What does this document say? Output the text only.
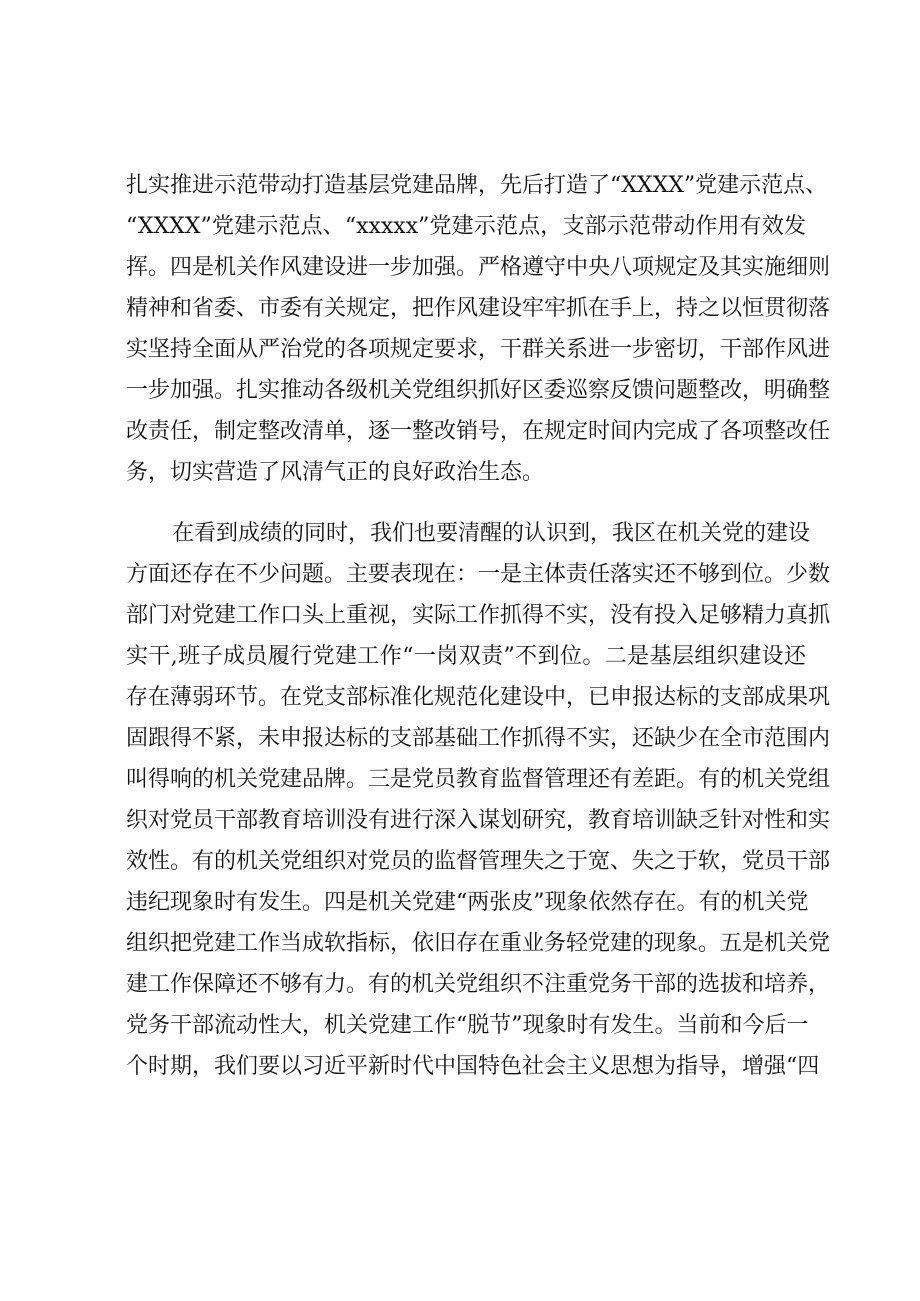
扎实推进示范带动打造基层党建品牌，先后打造了“XXXX”党建示范点、
“XXXX”党建示范点、“xxxxx”党建示范点，支部示范带动作用有效发
挥。四是机关作风建设进一步加强。严格遵守中央八项规定及其实施细则
精神和省委、市委有关规定，把作风建设牢牢抓在手上，持之以恒贯彻落
实坚持全面从严治党的各项规定要求，干群关系进一步密切，干部作风进
一步加强。扎实推动各级机关党组织抓好区委巡察反馈问题整改，明确整
改责任，制定整改清单，逐一整改销号，在规定时间内完成了各项整改任
务，切实营造了风清气正的良好政治生态。
在看到成绩的同时，我们也要清醒的认识到，我区在机关党的建设
方面还存在不少问题。主要表现在：一是主体责任落实还不够到位。少数
部门对党建工作口头上重视，实际工作抓得不实，没有投入足够精力真抓
实干,班子成员履行党建工作“一岗双责”不到位。二是基层组织建设还
存在薄弱环节。在党支部标准化规范化建设中，已申报达标的支部成果巩
固跟得不紧，未申报达标的支部基础工作抓得不实，还缺少在全市范围内
叫得响的机关党建品牌。三是党员教育监督管理还有差距。有的机关党组
织对党员干部教育培训没有进行深入谋划研究，教育培训缺乏针对性和实
效性。有的机关党组织对党员的监督管理失之于宽、失之于软，党员干部
违纪现象时有发生。四是机关党建“两张皮”现象依然存在。有的机关党
组织把党建工作当成软指标，依旧存在重业务轻党建的现象。五是机关党
建工作保障还不够有力。有的机关党组织不注重党务干部的选拔和培养，
党务干部流动性大，机关党建工作“脱节”现象时有发生。当前和今后一
个时期，我们要以习近平新时代中国特色社会主义思想为指导，增强“四
